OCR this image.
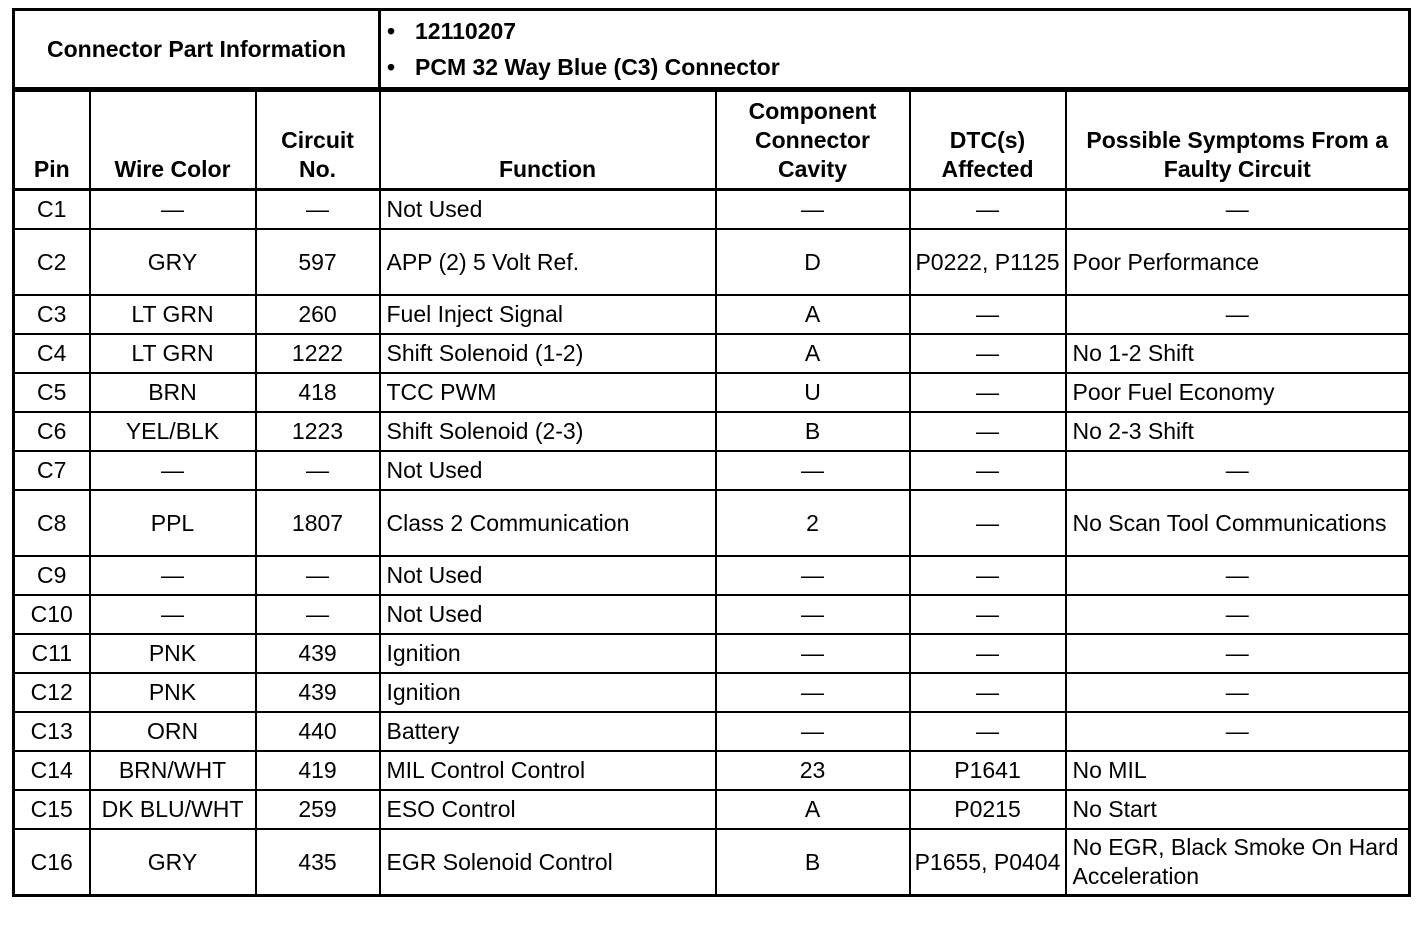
Connector Part Information	
• 12110207
• PCM 32 Way Blue (C3) Connector
Pin	Wire Color	Circuit No.	Function	Component Connector Cavity	DTC(s) Affected	Possible Symptoms From a Faulty Circuit
C1	—	—	Not Used	—	—	—
C2	GRY	597	APP (2) 5 Volt Ref.	D	P0222, P1125	Poor Performance
C3	LT GRN	260	Fuel Inject Signal	A	—	—
C4	LT GRN	1222	Shift Solenoid (1-2)	A	—	No 1-2 Shift
C5	BRN	418	TCC PWM	U	—	Poor Fuel Economy
C6	YEL/BLK	1223	Shift Solenoid (2-3)	B	—	No 2-3 Shift
C7	—	—	Not Used	—	—	—
C8	PPL	1807	Class 2 Communication	2	—	No Scan Tool Communications
C9	—	—	Not Used	—	—	—
C10	—	—	Not Used	—	—	—
C11	PNK	439	Ignition	—	—	—
C12	PNK	439	Ignition	—	—	—
C13	ORN	440	Battery	—	—	—
C14	BRN/WHT	419	MIL Control Control	23	P1641	No MIL
C15	DK BLU/WHT	259	ESO Control	A	P0215	No Start
C16	GRY	435	EGR Solenoid Control	B	P1655, P0404	No EGR, Black Smoke On Hard Acceleration
